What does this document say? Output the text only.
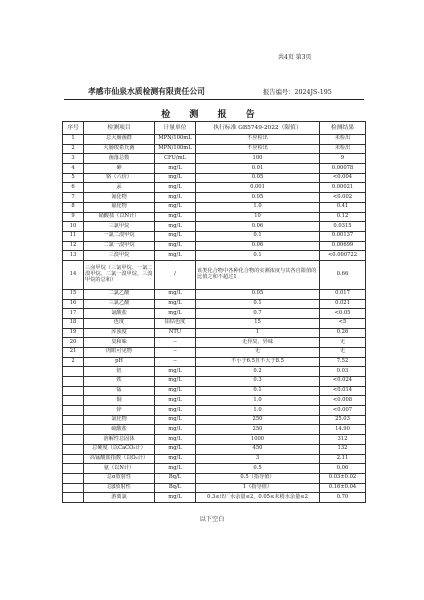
共4页 第3页
孝感市仙泉水质检测有限责任公司	报告编号：2024JS-195
检 测 报 告
序号	检测项目	计量单位	执行标准 GB5749-2022（限值）	检测结果
1	总大肠菌群	MPN/100mL	不应检出	未检出
2	大肠埃希氏菌	MPN/100mL	不应检出	未检出
3	菌落总数	CFU/mL	100	9
4	砷	mg/L	0.01	0.00078
5	铬（六价）	mg/L	0.05	<0.004
6	汞	mg/L	0.001	0.00021
7	氰化物	mg/L	0.05	<0.002
8	氟化物	mg/L	1.0	0.41
9	硝酸盐（以N计）	mg/L	10	0.12
10	三氯甲烷	mg/L	0.06	0.0315
11	一氯二溴甲烷	mg/L	0.1	0.00137
12	二氯一溴甲烷	mg/L	0.06	0.00699
13	三溴甲烷	mg/L	0.1	<0.000722
14	三卤甲烷（三氯甲烷、一氯二溴甲烷、二氯一溴甲烷、三溴甲烷的总和）	/	该类化合物中各种化合物的实测浓度与其各自限值的比值之和不超过1	0.66
15	二氯乙酸	mg/L	0.05	0.017
16	三氯乙酸	mg/L	0.1	0.021
17	氯酸盐	mg/L	0.7	<0.05
18	色度	铂钴色度	15	<5
19	浑浊度	NTU	1	0.26
20	臭和味	--	无异臭、异味	无
21	肉眼可见物	--	无	无
2	pH	--	不小于6.5且不大于8.5	7.52
	铝	mg/L	0.2	0.03
	铁	mg/L	0.3	<0.024
	锰	mg/L	0.1	<0.014
	铜	mg/L	1.0	<0.008
	锌	mg/L	1.0	<0.007
	氯化物	mg/L	250	25.03
	硫酸盐	mg/L	250	14.90
	溶解性总固体	mg/L	1000	312
	总硬度（以CaCO₃计）	mg/L	450	132
	高锰酸盐指数（以O₂计）	mg/L	3	2.11
	氨（以N计）	mg/L	0.5	0.06
	总α放射性	Bq/L	0.5（指导值）	0.03±0.02
	总β放射性	Bq/L	1（指导值）	0.16±0.04
	游离氯	mg/L	0.3≤出厂水余量≤2，0.05≤末梢水余量≤2	0.70
以下空白
